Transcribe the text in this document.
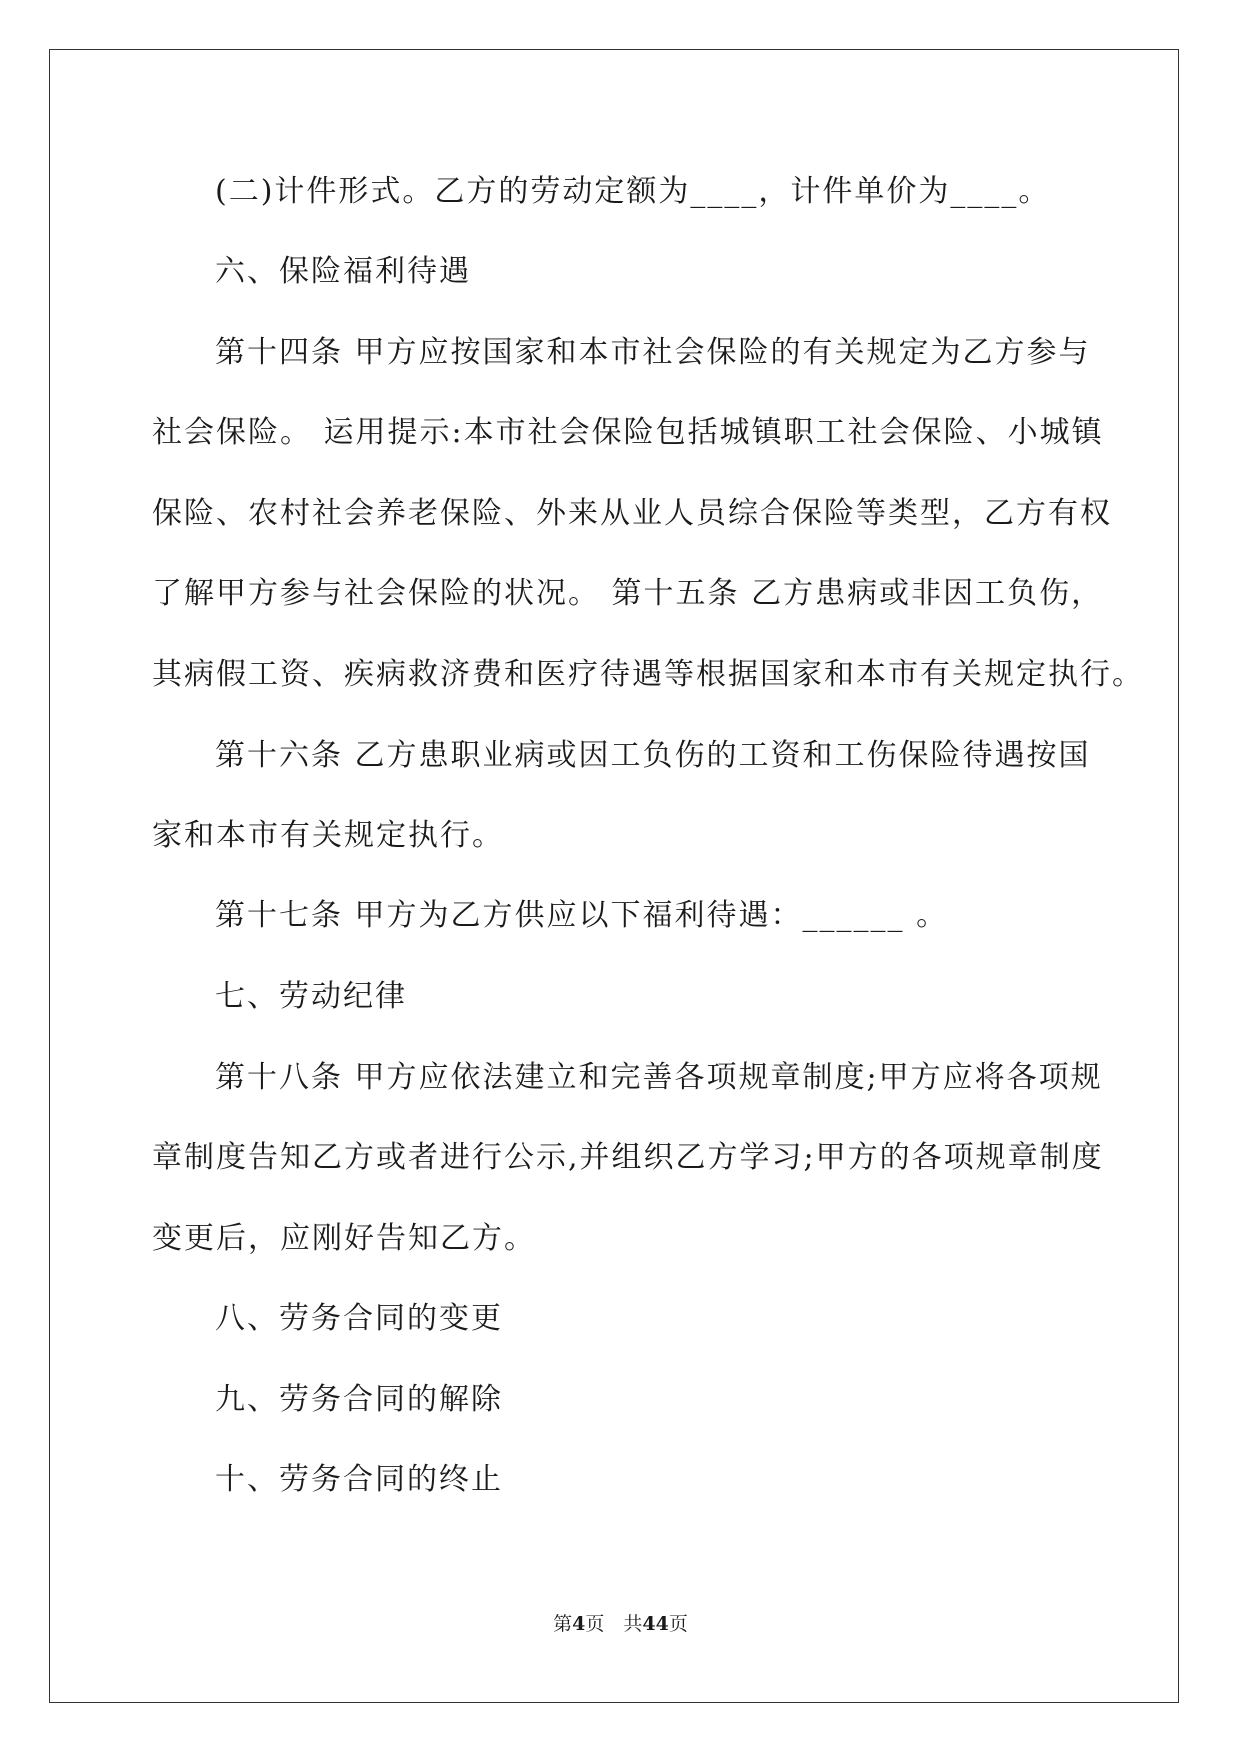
(二)计件形式。乙方的劳动定额为____，计件单价为____。
六、保险福利待遇
第十四条 甲方应按国家和本市社会保险的有关规定为乙方参与
社会保险。 运用提示:本市社会保险包括城镇职工社会保险、小城镇
保险、农村社会养老保险、外来从业人员综合保险等类型，乙方有权
了解甲方参与社会保险的状况。 第十五条 乙方患病或非因工负伤，
其病假工资、疾病救济费和医疗待遇等根据国家和本市有关规定执行。
第十六条 乙方患职业病或因工负伤的工资和工伤保险待遇按国
家和本市有关规定执行。
第十七条 甲方为乙方供应以下福利待遇：______ 。
七、劳动纪律
第十八条 甲方应依法建立和完善各项规章制度;甲方应将各项规
章制度告知乙方或者进行公示,并组织乙方学习;甲方的各项规章制度
变更后，应刚好告知乙方。
八、劳务合同的变更
九、劳务合同的解除
十、劳务合同的终止
第4页　共44页
